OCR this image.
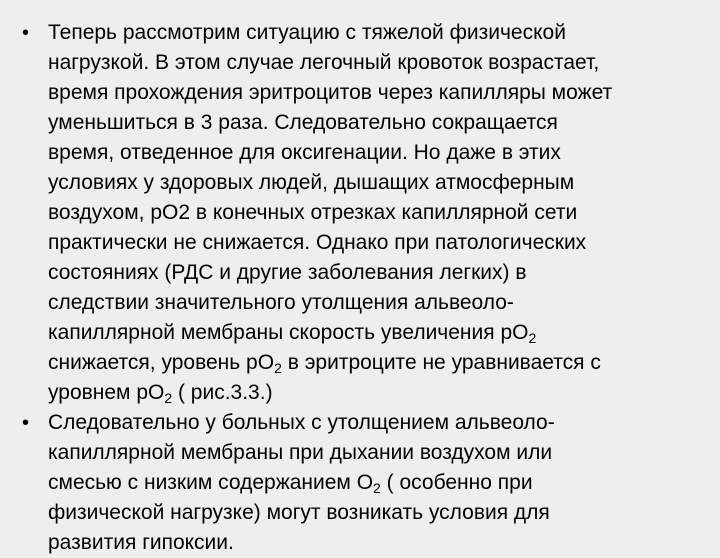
• Теперь рассмотрим ситуацию с тяжелой физической
нагрузкой. В этом случае легочный кровоток возрастает,
время прохождения эритроцитов через капилляры может
уменьшиться в 3 раза. Следовательно сокращается
время, отведенное для оксигенации. Но даже в этих
условиях у здоровых людей, дышащих атмосферным
воздухом, рО2 в конечных отрезках капиллярной сети
практически не снижается. Однако при патологических
состояниях (РДС и другие заболевания легких) в
следствии значительного утолщения альвеоло-
капиллярной мембраны скорость увеличения $рО_2$
снижается, уровень $рО_2$ в эритроците не уравнивается с
уровнем $рО_2$ ( рис.3.3.)
• Следовательно у больных с утолщением альвеоло-
капиллярной мембраны при дыхании воздухом или
смесью с низким содержанием $О_2$ ( особенно при
физической нагрузке) могут возникать условия для
развития гипоксии.
